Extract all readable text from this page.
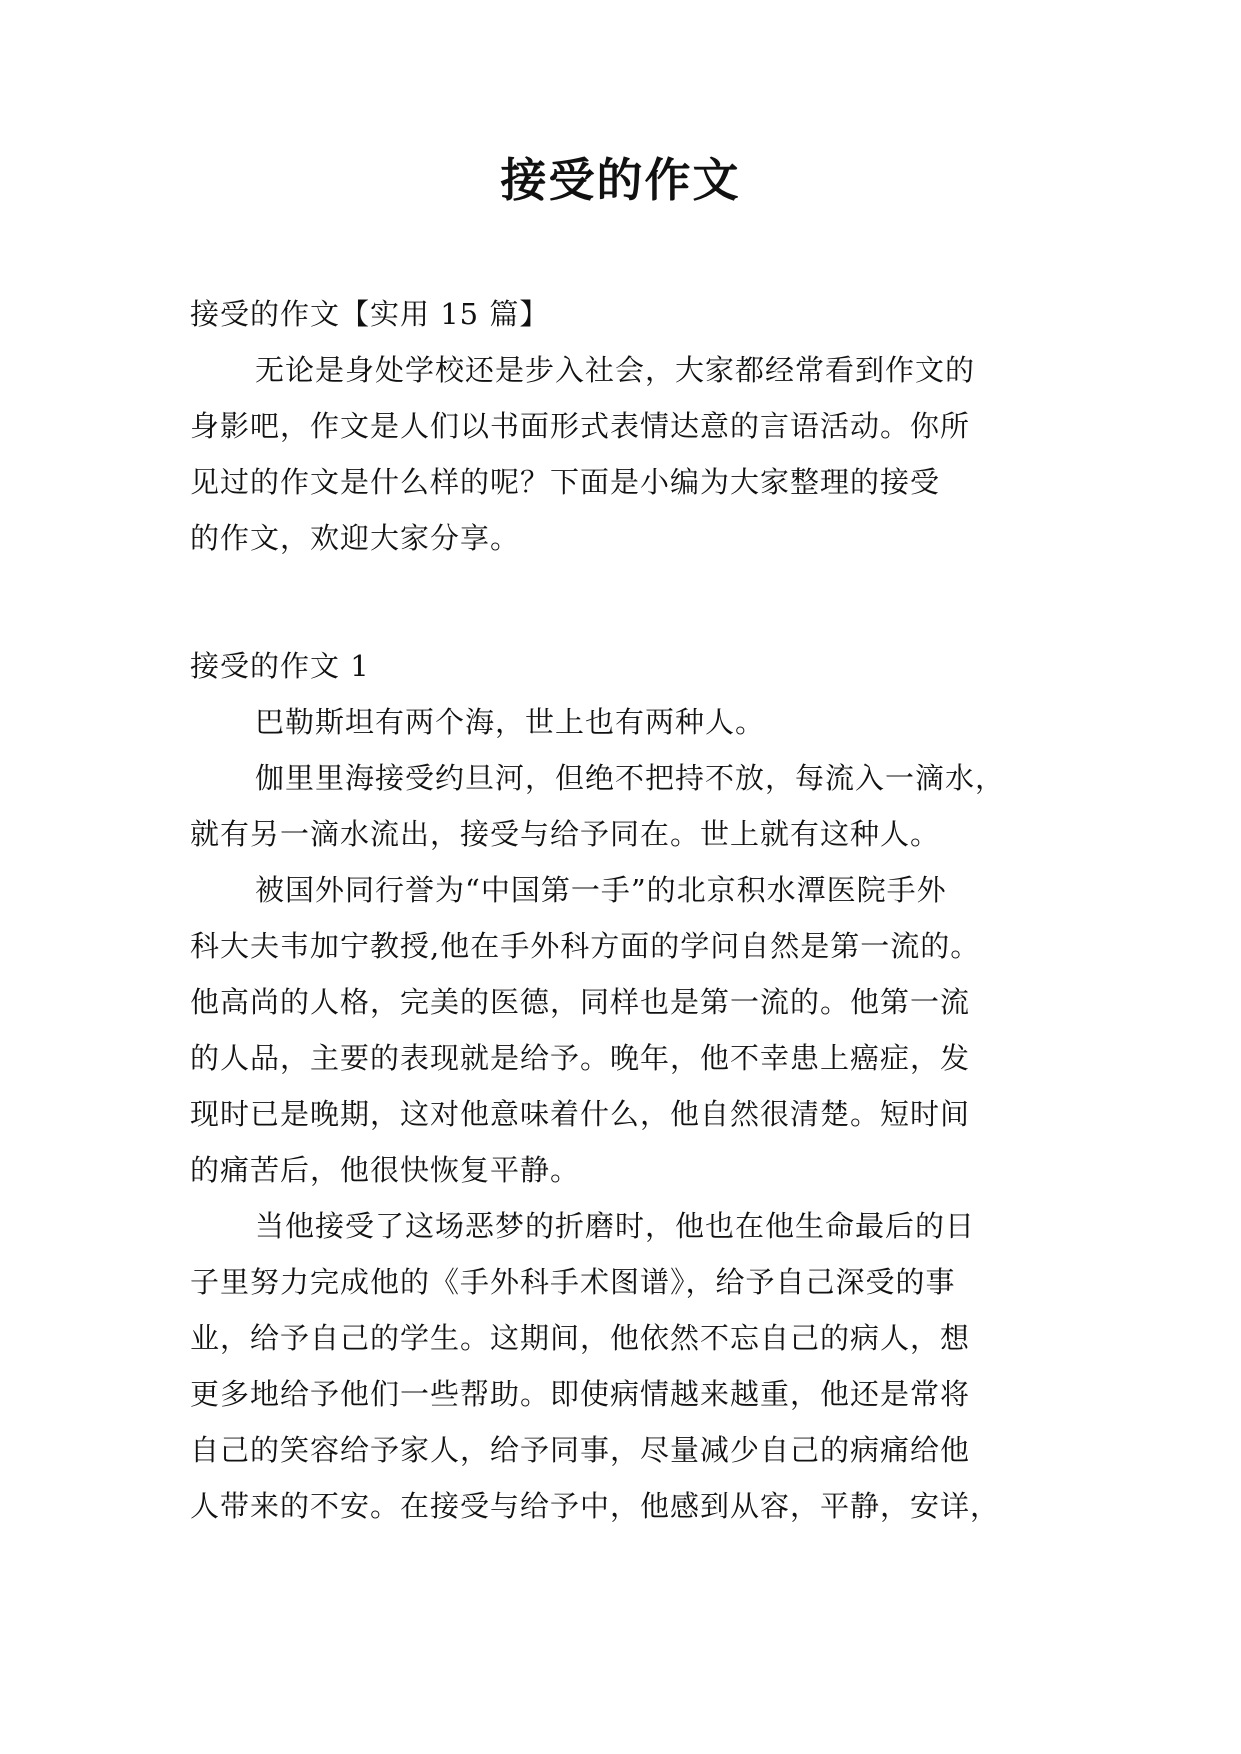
接受的作文
接受的作文【实用 15 篇】
无论是身处学校还是步入社会，大家都经常看到作文的
身影吧，作文是人们以书面形式表情达意的言语活动。你所
见过的作文是什么样的呢？下面是小编为大家整理的接受
的作文，欢迎大家分享。
接受的作文 1
巴勒斯坦有两个海，世上也有两种人。
伽里里海接受约旦河，但绝不把持不放，每流入一滴水，
就有另一滴水流出，接受与给予同在。世上就有这种人。
被国外同行誉为“中国第一手”的北京积水潭医院手外
科大夫韦加宁教授,他在手外科方面的学问自然是第一流的。
他高尚的人格，完美的医德，同样也是第一流的。他第一流
的人品，主要的表现就是给予。晚年，他不幸患上癌症，发
现时已是晚期，这对他意味着什么，他自然很清楚。短时间
的痛苦后，他很快恢复平静。
当他接受了这场恶梦的折磨时，他也在他生命最后的日
子里努力完成他的《手外科手术图谱》，给予自己深受的事
业，给予自己的学生。这期间，他依然不忘自己的病人，想
更多地给予他们一些帮助。即使病情越来越重，他还是常将
自己的笑容给予家人，给予同事，尽量减少自己的病痛给他
人带来的不安。在接受与给予中，他感到从容，平静，安详，
